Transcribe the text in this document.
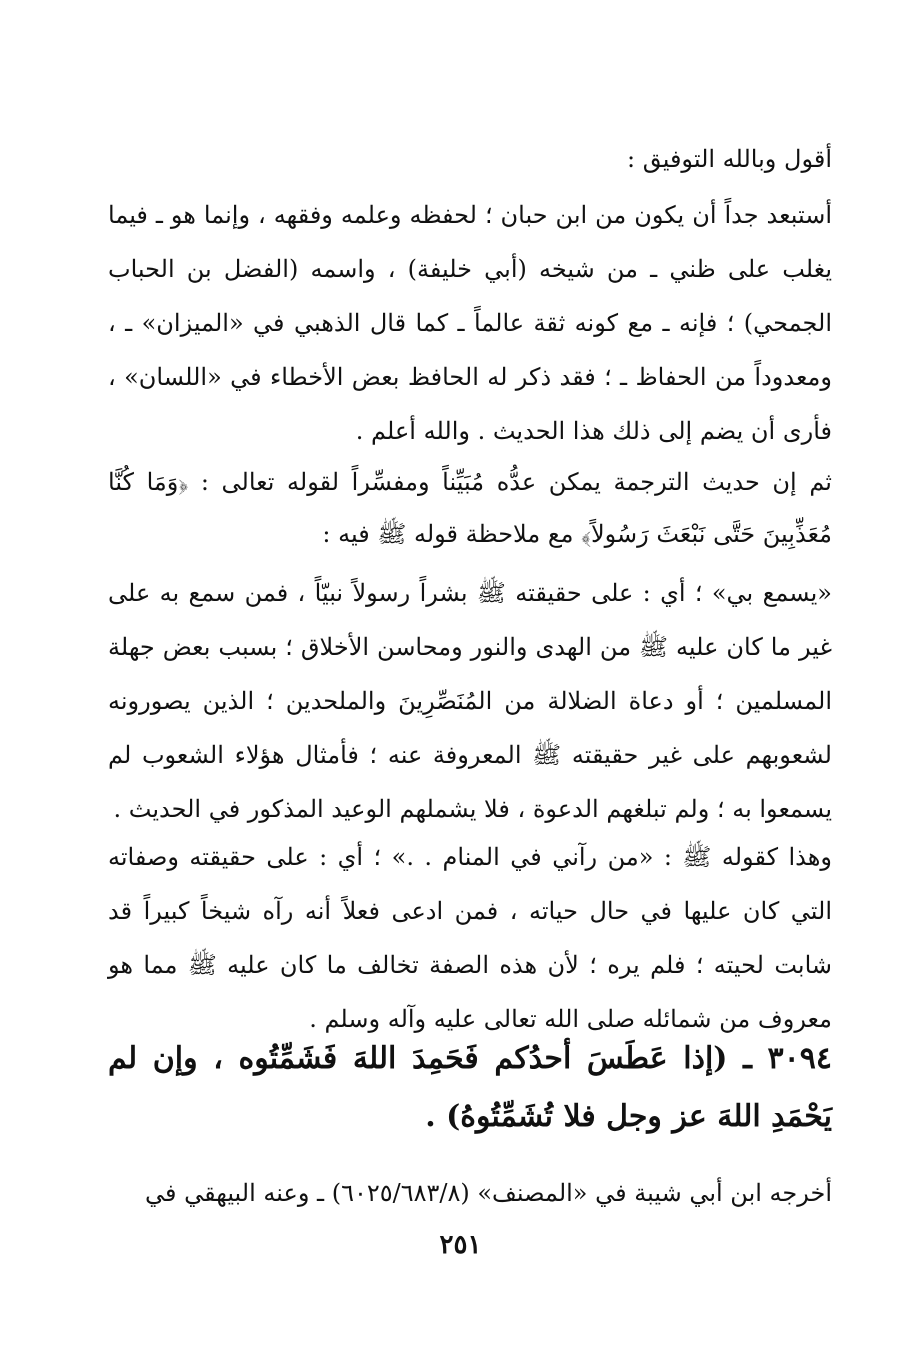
أقول وبالله التوفيق :
أستبعد جداً أن يكون من ابن حبان ؛ لحفظه وعلمه وفقهه ، وإنما هو ـ فيما يغلب على ظني ـ من شيخه (أبي خليفة) ، واسمه (الفضل بن الحباب الجمحي) ؛ فإنه ـ مع كونه ثقة عالماً ـ كما قال الذهبي في «الميزان» ـ ، ومعدوداً من الحفاظ ـ ؛ فقد ذكر له الحافظ بعض الأخطاء في «اللسان» ، فأرى أن يضم إلى ذلك هذا الحديث . والله أعلم .
ثم إن حديث الترجمة يمكن عدُّه مُبَيِّناً ومفسِّراً لقوله تعالى : ﴿وَمَا كُنَّا مُعَذِّبِينَ حَتَّى نَبْعَثَ رَسُولاً﴾ مع ملاحظة قوله ﷺ فيه :
«يسمع بي» ؛ أي : على حقيقته ﷺ بشراً رسولاً نبيّاً ، فمن سمع به على غير ما كان عليه ﷺ من الهدى والنور ومحاسن الأخلاق ؛ بسبب بعض جهلة المسلمين ؛ أو دعاة الضلالة من المُنَصِّرِينَ والملحدين ؛ الذين يصورونه لشعوبهم على غير حقيقته ﷺ المعروفة عنه ؛ فأمثال هؤلاء الشعوب لم يسمعوا به ؛ ولم تبلغهم الدعوة ، فلا يشملهم الوعيد المذكور في الحديث .
وهذا كقوله ﷺ : «من رآني في المنام . .» ؛ أي : على حقيقته وصفاته التي كان عليها في حال حياته ، فمن ادعى فعلاً أنه رآه شيخاً كبيراً قد شابت لحيته ؛ فلم يره ؛ لأن هذه الصفة تخالف ما كان عليه ﷺ مما هو معروف من شمائله صلى الله تعالى عليه وآله وسلم .
٣٠٩٤ ـ (إذا عَطَسَ أحدُكم فَحَمِدَ اللهَ فَشَمِّتُوه ، وإن لم يَحْمَدِ اللهَ عز وجل فلا تُشَمِّتُوهُ) .
أخرجه ابن أبي شيبة في «المصنف» (٦٠٢٥/٦٨٣/٨) ـ وعنه البيهقي في
٢٥١
